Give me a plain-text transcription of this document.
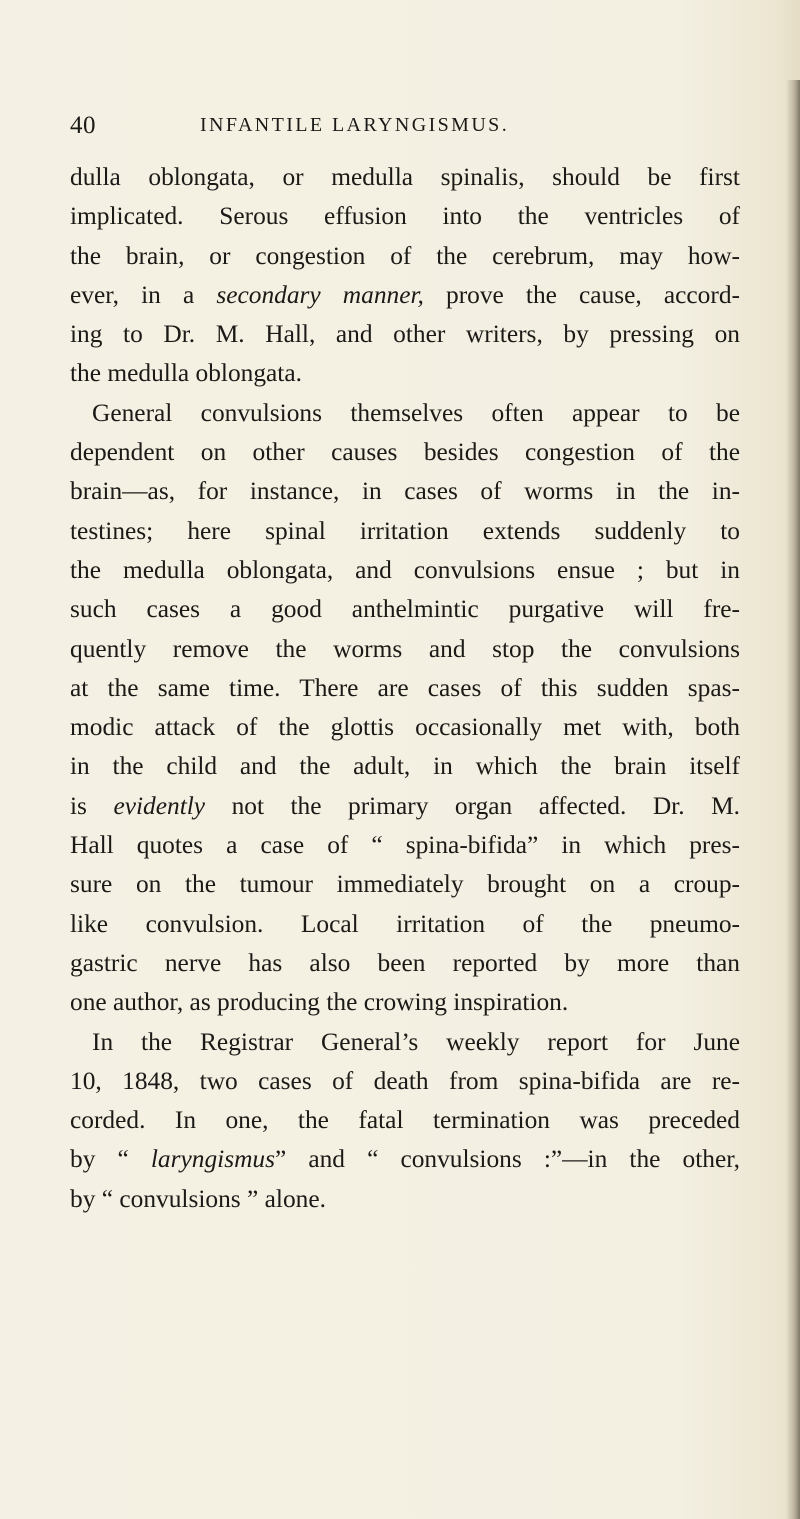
40	INFANTILE LARYNGISMUS.
dulla oblongata, or medulla spinalis, should be first
implicated. Serous effusion into the ventricles of
the brain, or congestion of the cerebrum, may how-
ever, in a secondary manner, prove the cause, accord-
ing to Dr. M. Hall, and other writers, by pressing on
the medulla oblongata.
General convulsions themselves often appear to be
dependent on other causes besides congestion of the
brain—as, for instance, in cases of worms in the in-
testines; here spinal irritation extends suddenly to
the medulla oblongata, and convulsions ensue ; but in
such cases a good anthelmintic purgative will fre-
quently remove the worms and stop the convulsions
at the same time. There are cases of this sudden spas-
modic attack of the glottis occasionally met with, both
in the child and the adult, in which the brain itself
is evidently not the primary organ affected. Dr. M.
Hall quotes a case of “ spina-bifida” in which pres-
sure on the tumour immediately brought on a croup-
like convulsion. Local irritation of the pneumo-
gastric nerve has also been reported by more than
one author, as producing the crowing inspiration.
In the Registrar General’s weekly report for June
10, 1848, two cases of death from spina-bifida are re-
corded. In one, the fatal termination was preceded
by “ laryngismus” and “ convulsions :”—in the other,
by “ convulsions ” alone.
